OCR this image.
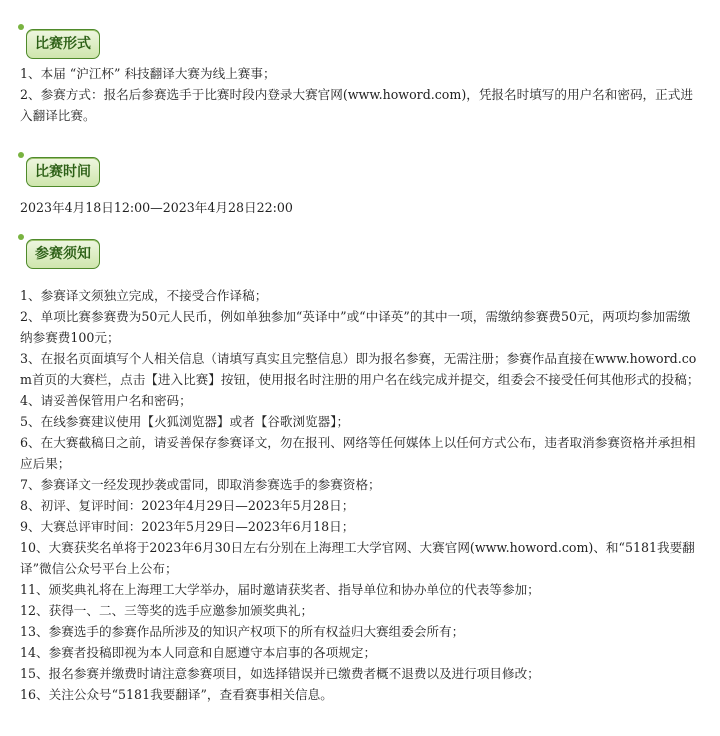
比赛形式
1、本届 “沪江杯” 科技翻译大赛为线上赛事；
2、参赛方式：报名后参赛选手于比赛时段内登录大赛官网(www.howord.com)，凭报名时填写的用户名和密码，正式进入翻译比赛。
比赛时间
2023年4月18日12:00—2023年4月28日22:00
参赛须知
1、参赛译文须独立完成，不接受合作译稿；
2、单项比赛参赛费为50元人民币，例如单独参加“英译中”或“中译英”的其中一项，需缴纳参赛费50元，两项均参加需缴纳参赛费100元；
3、在报名页面填写个人相关信息（请填写真实且完整信息）即为报名参赛，无需注册；参赛作品直接在www.howord.com首页的大赛栏，点击【进入比赛】按钮，使用报名时注册的用户名在线完成并提交，组委会不接受任何其他形式的投稿；
4、请妥善保管用户名和密码；
5、在线参赛建议使用【火狐浏览器】或者【谷歌浏览器】；
6、在大赛截稿日之前，请妥善保存参赛译文，勿在报刊、网络等任何媒体上以任何方式公布，违者取消参赛资格并承担相应后果；
7、参赛译文一经发现抄袭或雷同，即取消参赛选手的参赛资格；
8、初评、复评时间：2023年4月29日—2023年5月28日；
9、大赛总评审时间：2023年5月29日—2023年6月18日；
10、大赛获奖名单将于2023年6月30日左右分别在上海理工大学官网、大赛官网(www.howord.com)、和“5181我要翻译”微信公众号平台上公布；
11、颁奖典礼将在上海理工大学举办，届时邀请获奖者、指导单位和协办单位的代表等参加；
12、获得一、二、三等奖的选手应邀参加颁奖典礼；
13、参赛选手的参赛作品所涉及的知识产权项下的所有权益归大赛组委会所有；
14、参赛者投稿即视为本人同意和自愿遵守本启事的各项规定；
15、报名参赛并缴费时请注意参赛项目，如选择错误并已缴费者概不退费以及进行项目修改；
16、关注公众号“5181我要翻译”，查看赛事相关信息。
